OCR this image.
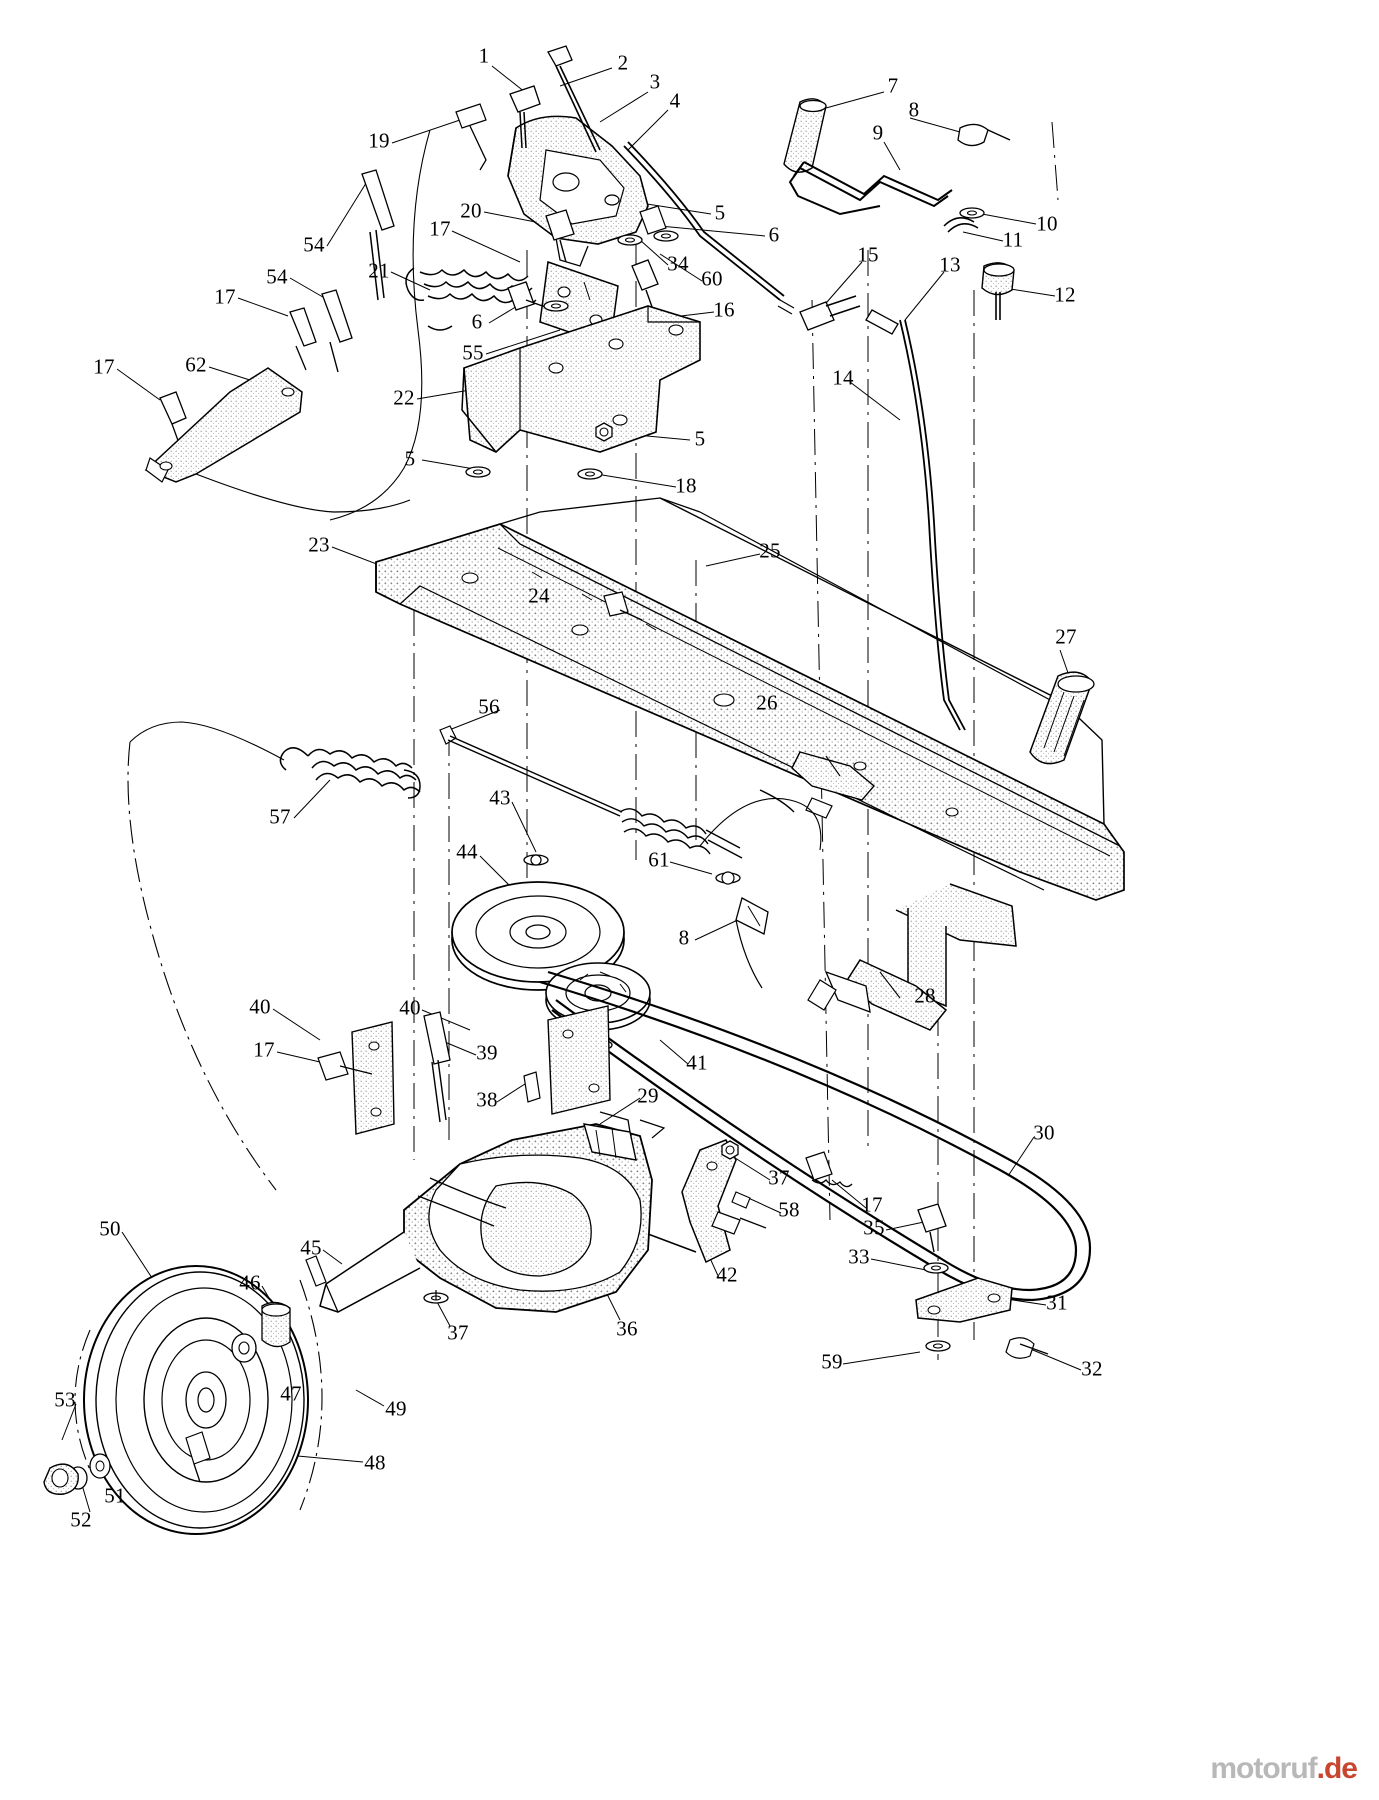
1	2
3
4
7
8
9
19
10
5
6
20
11
54
17
34
60
15	13
12
21
54
17
6	16
55
17	62
14
22
5
5
18
23	25
24
27
26
56
57
43
61
44
8
28
40	40
17	39	41
38	29
30
37
17
58
35
50
45	33
42
46
31
36
37
59	32
47
49
53
48
51
52
motoruf.de
